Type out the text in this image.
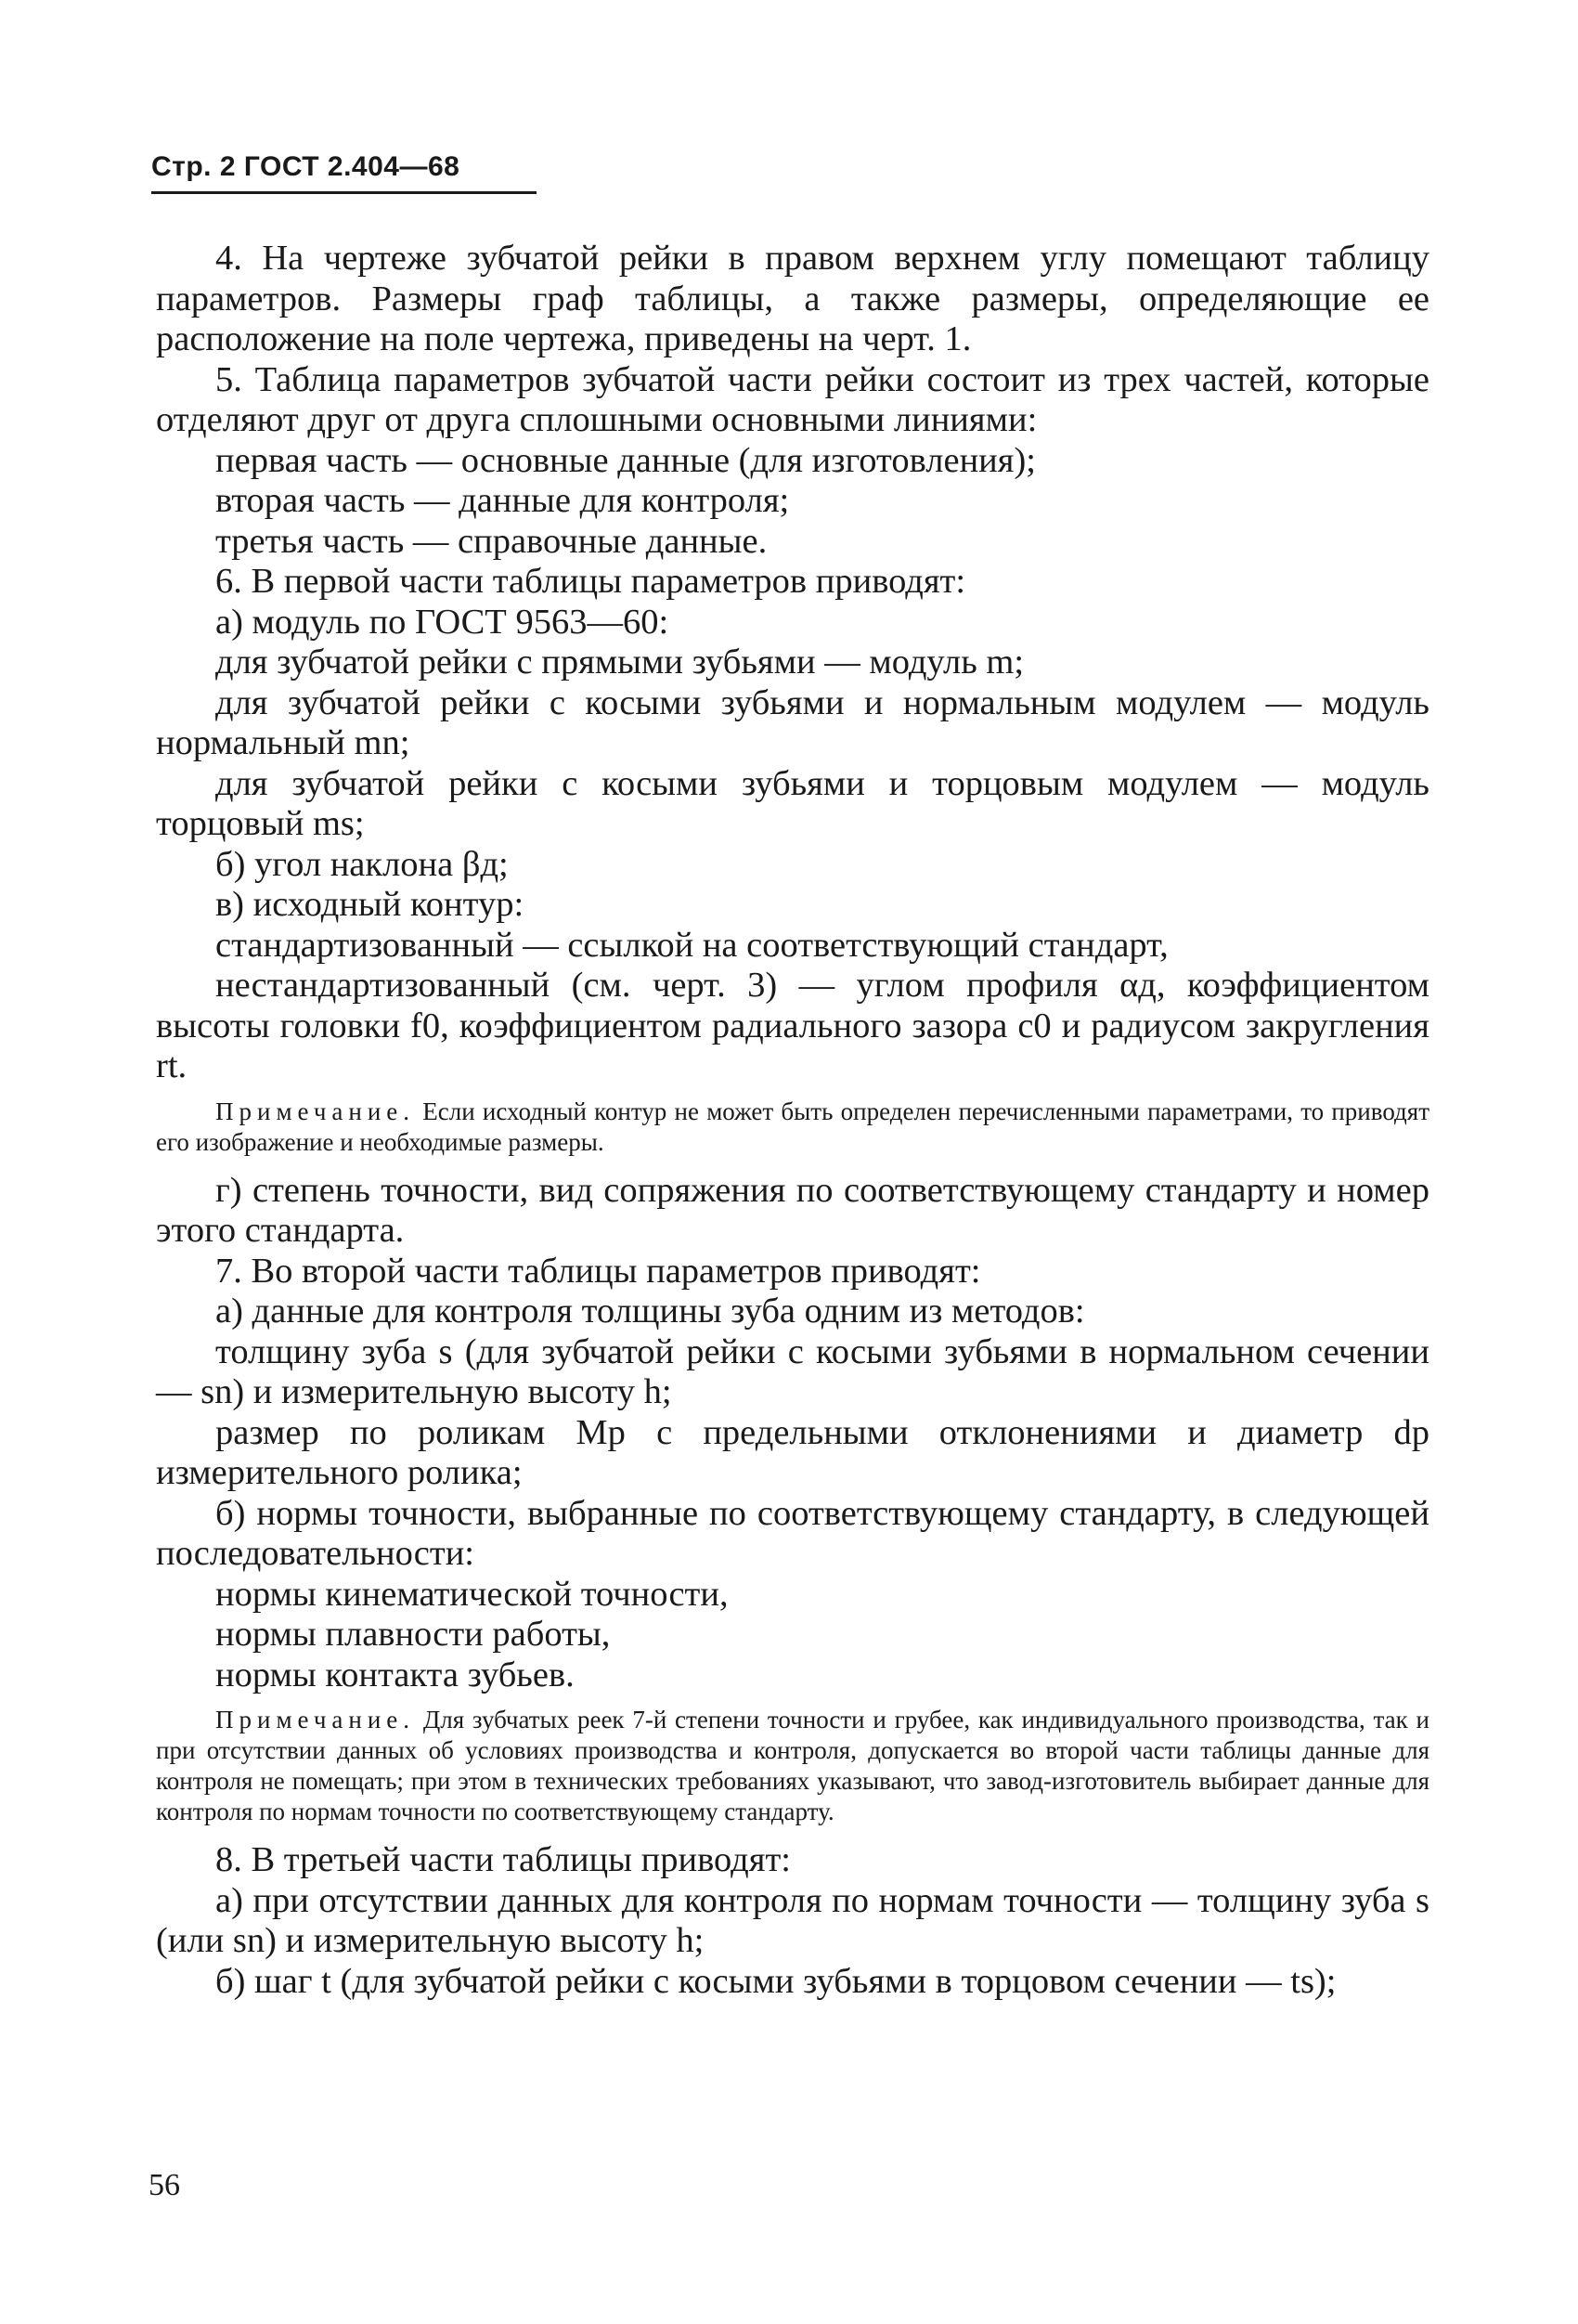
Стр. 2 ГОСТ 2.404—68

4. На чертеже зубчатой рейки в правом верхнем углу помещают таблицу параметров. Размеры граф таблицы, а также размеры, определяющие ее расположение на поле чертежа, приведены на черт. 1.

5. Таблица параметров зубчатой части рейки состоит из трех частей, которые отделяют друг от друга сплошными основными линиями:

первая часть — основные данные (для изготовления);

вторая часть — данные для контроля;

третья часть — справочные данные.

6. В первой части таблицы параметров приводят:

а) модуль по ГОСТ 9563—60:

для зубчатой рейки с прямыми зубьями — модуль m;

для зубчатой рейки с косыми зубьями и нормальным модулем — модуль нормальный mn;

для зубчатой рейки с косыми зубьями и торцовым модулем — модуль торцовый ms;

б) угол наклона βд;

в) исходный контур:

стандартизованный — ссылкой на соответствующий стандарт,

нестандартизованный (см. черт. 3) — углом профиля αд, коэффициентом высоты головки f0, коэффициентом радиального зазора c0 и радиусом закругления rt.

Примечание. Если исходный контур не может быть определен перечисленными параметрами, то приводят его изображение и необходимые размеры.

г) степень точности, вид сопряжения по соответствующему стандарту и номер этого стандарта.

7. Во второй части таблицы параметров приводят:

а) данные для контроля толщины зуба одним из методов:

толщину зуба s (для зубчатой рейки с косыми зубьями в нормальном сечении — sn) и измерительную высоту h;

размер по роликам Mр с предельными отклонениями и диаметр dр измерительного ролика;

б) нормы точности, выбранные по соответствующему стандарту, в следующей последовательности:

нормы кинематической точности,

нормы плавности работы,

нормы контакта зубьев.

Примечание. Для зубчатых реек 7-й степени точности и грубее, как индивидуального производства, так и при отсутствии данных об условиях производства и контроля, допускается во второй части таблицы данные для контроля не помещать; при этом в технических требованиях указывают, что завод-изготовитель выбирает данные для контроля по нормам точности по соответствующему стандарту.

8. В третьей части таблицы приводят:

а) при отсутствии данных для контроля по нормам точности — толщину зуба s (или sn) и измерительную высоту h;

б) шаг t (для зубчатой рейки с косыми зубьями в торцовом сечении — ts);

56
